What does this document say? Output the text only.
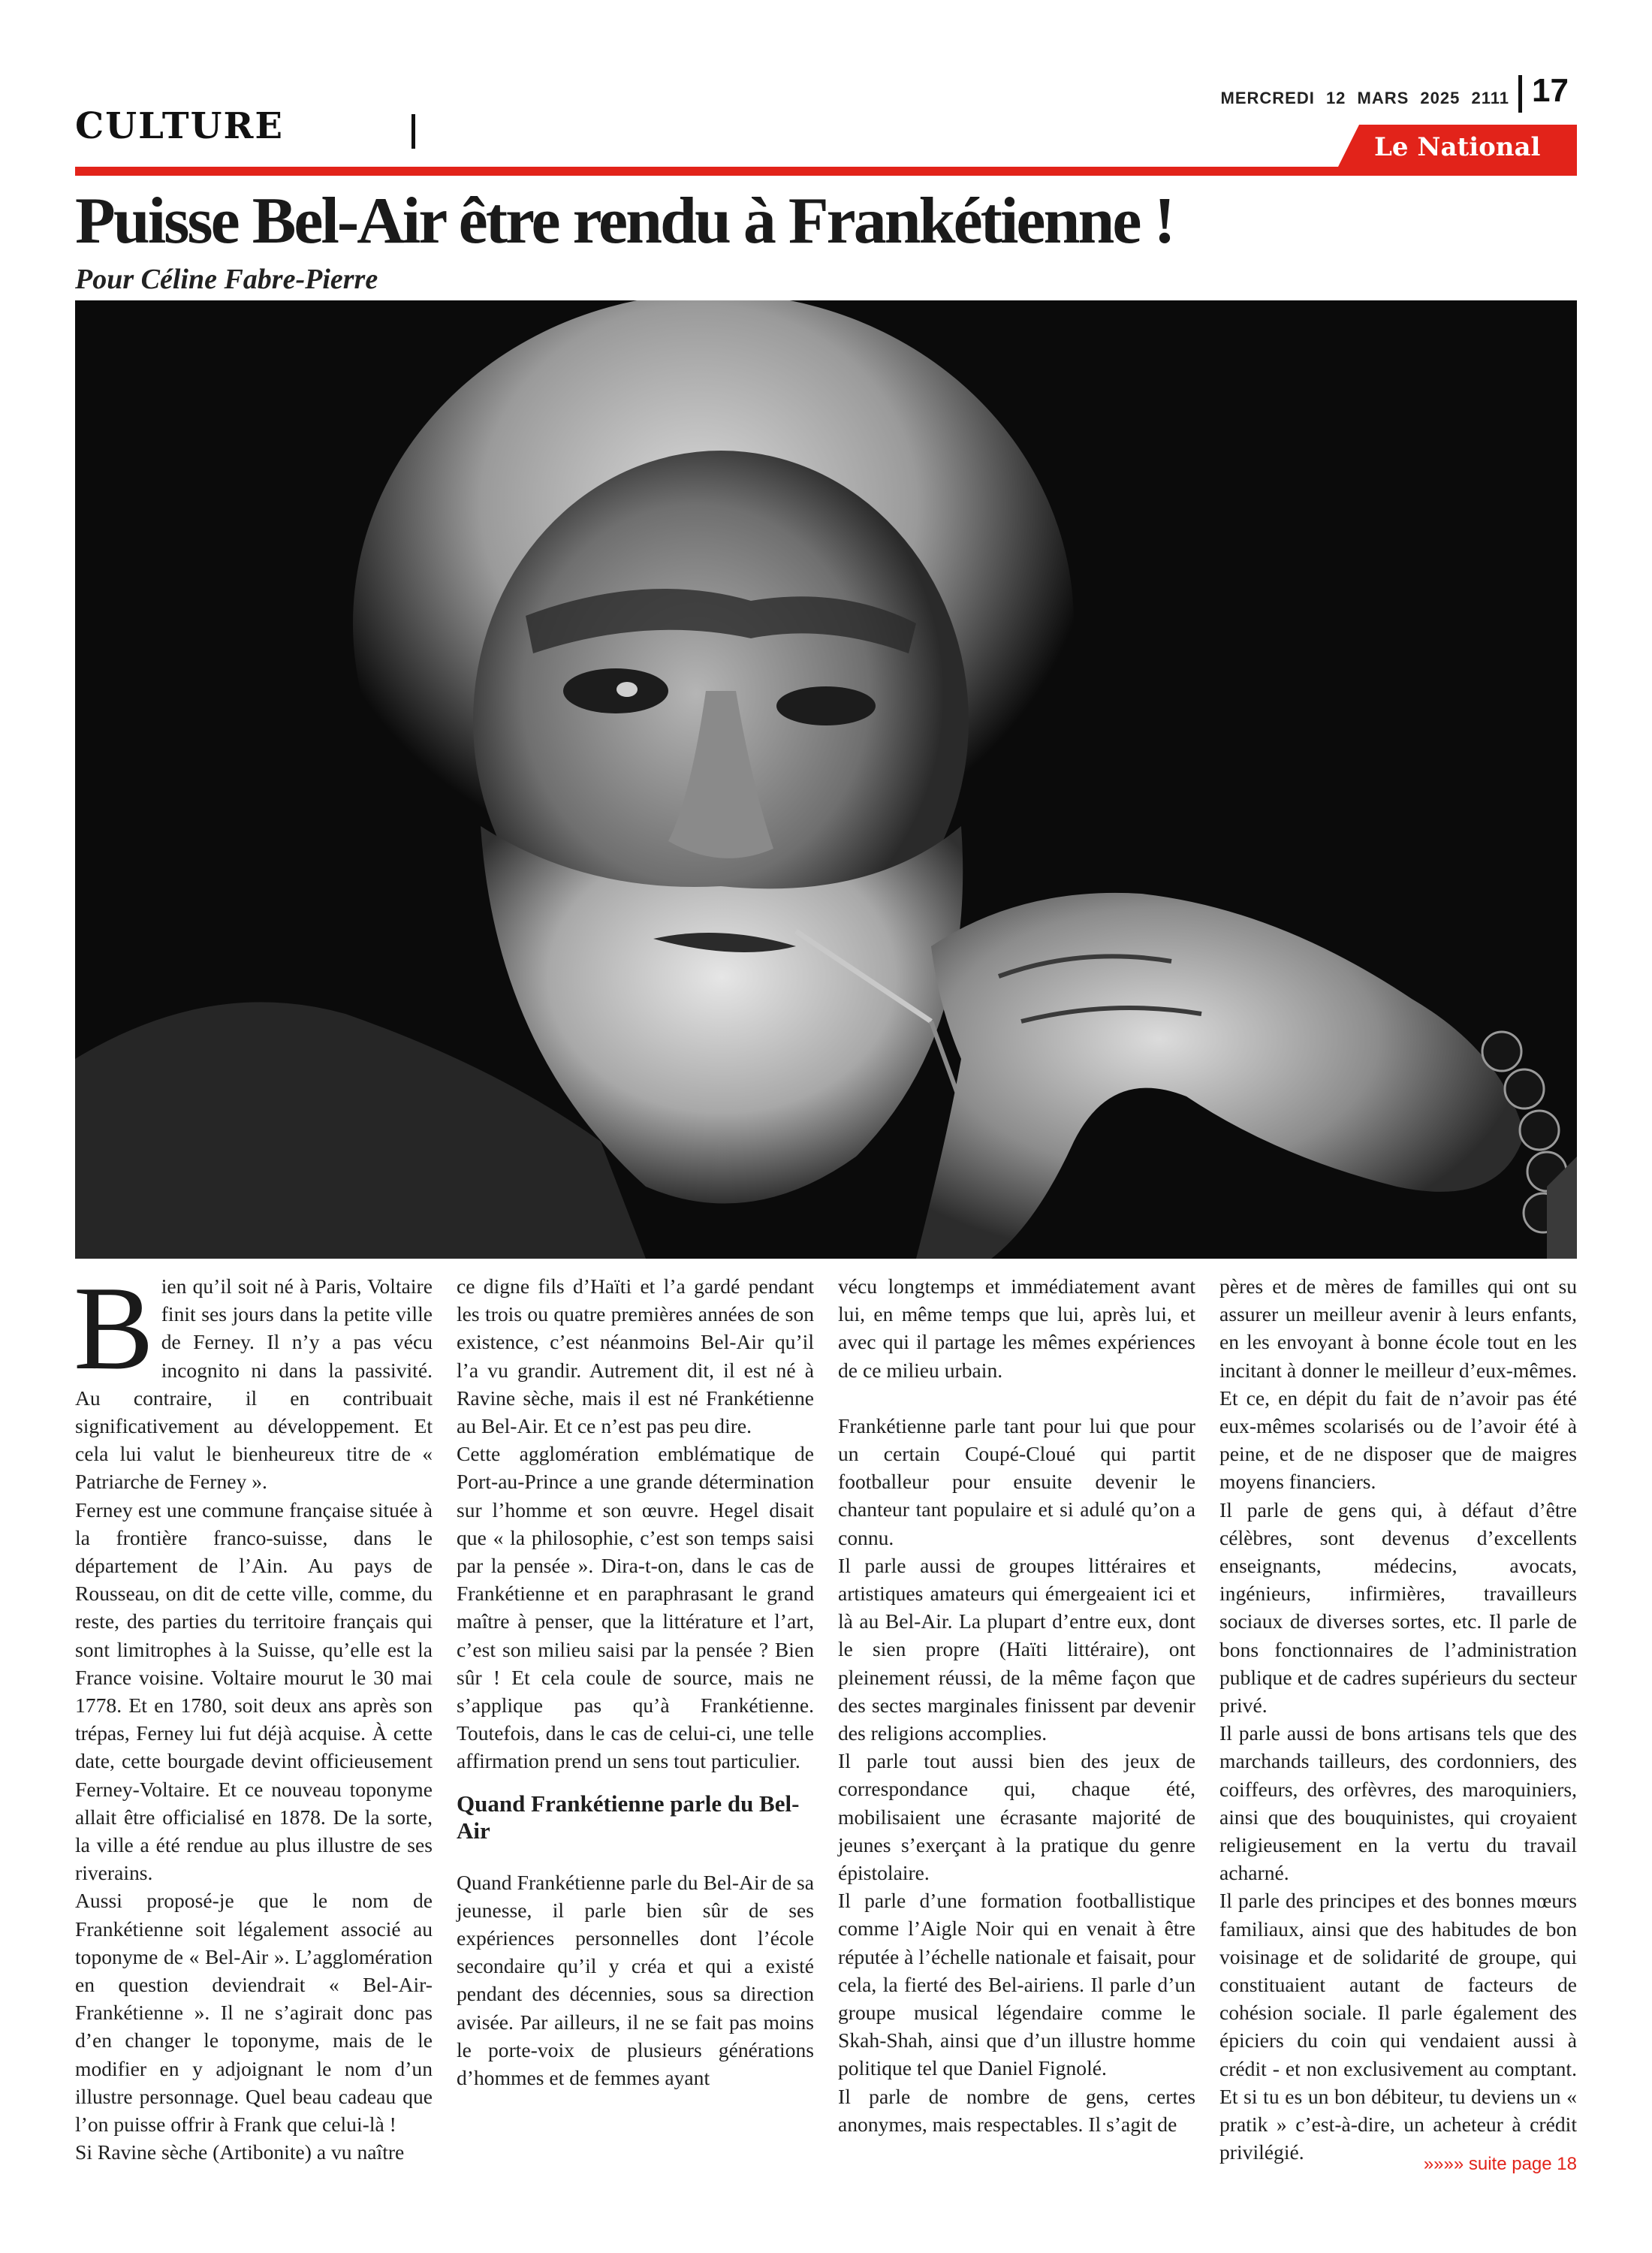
CULTURE
MERCREDI 12 MARS 2025 2111 17
Le National
Puisse Bel-Air être rendu à Frankétienne !
Pour Céline Fabre-Pierre

Bien qu’il soit né à Paris, Voltaire finit ses jours dans la petite ville de Ferney. Il n’y a pas vécu incognito ni dans la passivité. Au contraire, il en contribuait significativement au développement. Et cela lui valut le bienheureux titre de « Patriarche de Ferney ».

Ferney est une commune française située à la frontière franco-suisse, dans le département de l’Ain. Au pays de Rousseau, on dit de cette ville, comme, du reste, des parties du territoire français qui sont limitrophes à la Suisse, qu’elle est la France voisine. Voltaire mourut le 30 mai 1778. Et en 1780, soit deux ans après son trépas, Ferney lui fut déjà acquise. À cette date, cette bourgade devint officieusement Ferney-Voltaire. Et ce nouveau toponyme allait être officialisé en 1878. De la sorte, la ville a été rendue au plus illustre de ses riverains.

Aussi proposé-je que le nom de Frankétienne soit légalement associé au toponyme de « Bel-Air ». L’agglomération en question deviendrait « Bel-Air-Frankétienne ». Il ne s’agirait donc pas d’en changer le toponyme, mais de le modifier en y adjoignant le nom d’un illustre personnage. Quel beau cadeau que l’on puisse offrir à Frank que celui-là !

Si Ravine sèche (Artibonite) a vu naître

ce digne fils d’Haïti et l’a gardé pendant les trois ou quatre premières années de son existence, c’est néanmoins Bel-Air qu’il l’a vu grandir. Autrement dit, il est né à Ravine sèche, mais il est né Frankétienne au Bel-Air. Et ce n’est pas peu dire.

Cette agglomération emblématique de Port-au-Prince a une grande détermination sur l’homme et son œuvre. Hegel disait que « la philosophie, c’est son temps saisi par la pensée ». Dira-t-on, dans le cas de Frankétienne et en paraphrasant le grand maître à penser, que la littérature et l’art, c’est son milieu saisi par la pensée ? Bien sûr ! Et cela coule de source, mais ne s’applique pas qu’à Frankétienne. Toutefois, dans le cas de celui-ci, une telle affirmation prend un sens tout particulier.

Quand Frankétienne parle du Bel-Air

Quand Frankétienne parle du Bel-Air de sa jeunesse, il parle bien sûr de ses expériences personnelles dont l’école secondaire qu’il y créa et qui a existé pendant des décennies, sous sa direction avisée. Par ailleurs, il ne se fait pas moins le porte-voix de plusieurs générations d’hommes et de femmes ayant

vécu longtemps et immédiatement avant lui, en même temps que lui, après lui, et avec qui il partage les mêmes expériences de ce milieu urbain.

Frankétienne parle tant pour lui que pour un certain Coupé-Cloué qui partit footballeur pour ensuite devenir le chanteur tant populaire et si adulé qu’on a connu.

Il parle aussi de groupes littéraires et artistiques amateurs qui émergeaient ici et là au Bel-Air. La plupart d’entre eux, dont le sien propre (Haïti littéraire), ont pleinement réussi, de la même façon que des sectes marginales finissent par devenir des religions accomplies.

Il parle tout aussi bien des jeux de correspondance qui, chaque été, mobilisaient une écrasante majorité de jeunes s’exerçant à la pratique du genre épistolaire.

Il parle d’une formation footballistique comme l’Aigle Noir qui en venait à être réputée à l’échelle nationale et faisait, pour cela, la fierté des Bel-airiens. Il parle d’un groupe musical légendaire comme le Skah-Shah, ainsi que d’un illustre homme politique tel que Daniel Fignolé.

Il parle de nombre de gens, certes anonymes, mais respectables. Il s’agit de

pères et de mères de familles qui ont su assurer un meilleur avenir à leurs enfants, en les envoyant à bonne école tout en les incitant à donner le meilleur d’eux-mêmes. Et ce, en dépit du fait de n’avoir pas été eux-mêmes scolarisés ou de l’avoir été à peine, et de ne disposer que de maigres moyens financiers.

Il parle de gens qui, à défaut d’être célèbres, sont devenus d’excellents enseignants, médecins, avocats, ingénieurs, infirmières, travailleurs sociaux de diverses sortes, etc. Il parle de bons fonctionnaires de l’administration publique et de cadres supérieurs du secteur privé.

Il parle aussi de bons artisans tels que des marchands tailleurs, des cordonniers, des coiffeurs, des orfèvres, des maroquiniers, ainsi que des bouquinistes, qui croyaient religieusement en la vertu du travail acharné.

Il parle des principes et des bonnes mœurs familiaux, ainsi que des habitudes de bon voisinage et de solidarité de groupe, qui constituaient autant de facteurs de cohésion sociale. Il parle également des épiciers du coin qui vendaient aussi à crédit - et non exclusivement au comptant. Et si tu es un bon débiteur, tu deviens un « pratik » c’est-à-dire, un acheteur à crédit privilégié.

»»»» suite page 18
